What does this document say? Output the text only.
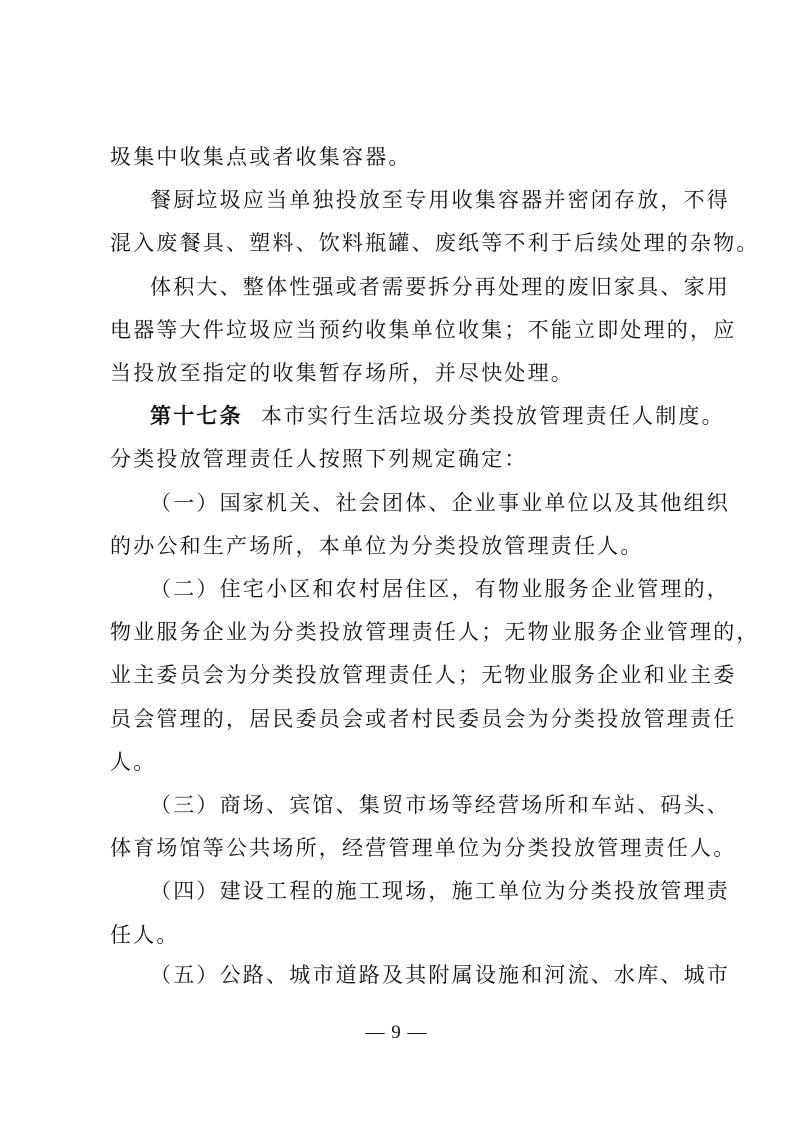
圾集中收集点或者收集容器。
餐厨垃圾应当单独投放至专用收集容器并密闭存放，不得
混入废餐具、塑料、饮料瓶罐、废纸等不利于后续处理的杂物。
体积大、整体性强或者需要拆分再处理的废旧家具、家用
电器等大件垃圾应当预约收集单位收集；不能立即处理的，应
当投放至指定的收集暂存场所，并尽快处理。
第十七条 本市实行生活垃圾分类投放管理责任人制度。
分类投放管理责任人按照下列规定确定：
（一）国家机关、社会团体、企业事业单位以及其他组织
的办公和生产场所，本单位为分类投放管理责任人。
（二）住宅小区和农村居住区，有物业服务企业管理的，
物业服务企业为分类投放管理责任人；无物业服务企业管理的，
业主委员会为分类投放管理责任人；无物业服务企业和业主委
员会管理的，居民委员会或者村民委员会为分类投放管理责任
人。
（三）商场、宾馆、集贸市场等经营场所和车站、码头、
体育场馆等公共场所，经营管理单位为分类投放管理责任人。
（四）建设工程的施工现场，施工单位为分类投放管理责
任人。
（五）公路、城市道路及其附属设施和河流、水库、城市
— 9 —
